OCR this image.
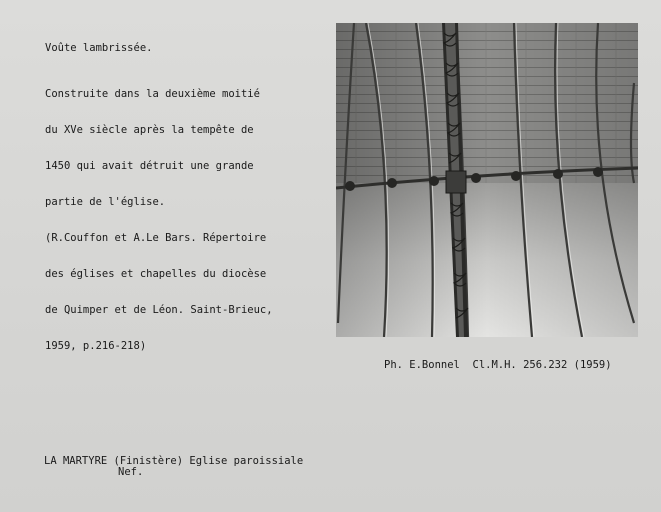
Voûte lambrissée.

Construite dans la deuxième moitié

du XVe siècle après la tempête de

1450 qui avait détruit une grande

partie de l'église.

(R.Couffon et A.Le Bars. Répertoire

des églises et chapelles du diocèse

de Quimper et de Léon. Saint-Brieuc,

1959, p.216-218)

Ph. E.Bonnel  Cl.M.H. 256.232 (1959)
LA MARTYRE (Finistère) Eglise paroissiale
Nef.
